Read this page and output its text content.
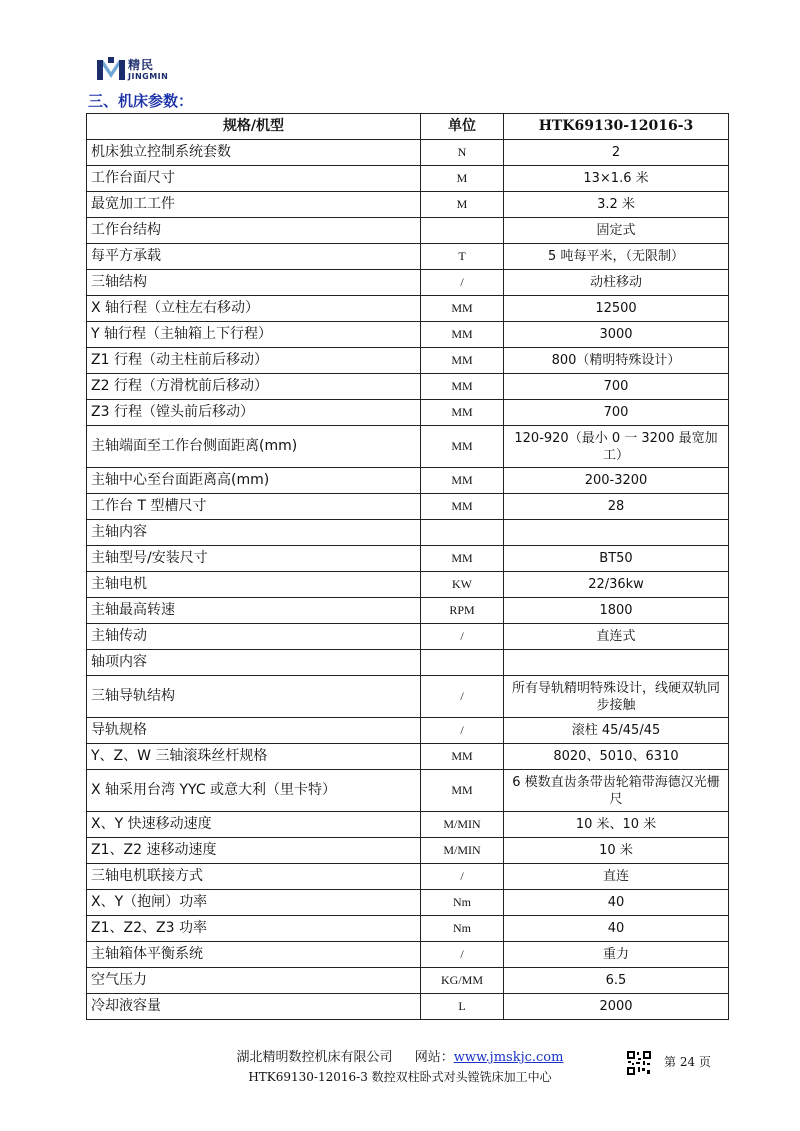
精民
JINGMIN
三、机床参数：
规格/机型	单位	HTK69130-12016-3
机床独立控制系统套数	N	2
工作台面尺寸	M	13×1.6 米
最宽加工工件	M	3.2 米
工作台结构		固定式
每平方承载	T	5 吨每平米，（无限制）
三轴结构	/	动柱移动
X 轴行程（立柱左右移动）	MM	12500
Y 轴行程（主轴箱上下行程）	MM	3000
Z1 行程（动主柱前后移动）	MM	800（精明特殊设计）
Z2 行程（方滑枕前后移动）	MM	700
Z3 行程（镗头前后移动）	MM	700
主轴端面至工作台侧面距离(mm)	MM	120-920（最小 0 一 3200 最宽加工）
主轴中心至台面距离高(mm)	MM	200-3200
工作台 T 型槽尺寸	MM	28
主轴内容		
主轴型号/安装尺寸	MM	BT50
主轴电机	KW	22/36kw
主轴最高转速	RPM	1800
主轴传动	/	直连式
轴项内容		
三轴导轨结构	/	所有导轨精明特殊设计，线硬双轨同步接触
导轨规格	/	滚柱 45/45/45
Y、Z、W 三轴滚珠丝杆规格	MM	8020、5010、6310
X 轴采用台湾 YYC 或意大利（里卡特）	MM	6 模数直齿条带齿轮箱带海德汉光栅尺
X、Y 快速移动速度	M/MIN	10 米、10 米
Z1、Z2 速移动速度	M/MIN	10 米
三轴电机联接方式	/	直连
X、Y（抱闸）功率	Nm	40
Z1、Z2、Z3 功率	Nm	40
主轴箱体平衡系统	/	重力
空气压力	KG/MM	6.5
冷却液容量	L	2000
湖北精明数控机床有限公司 网站：www.jmskjc.com	第 24 页
HTK69130-12016-3 数控双柱卧式对头镗铣床加工中心
